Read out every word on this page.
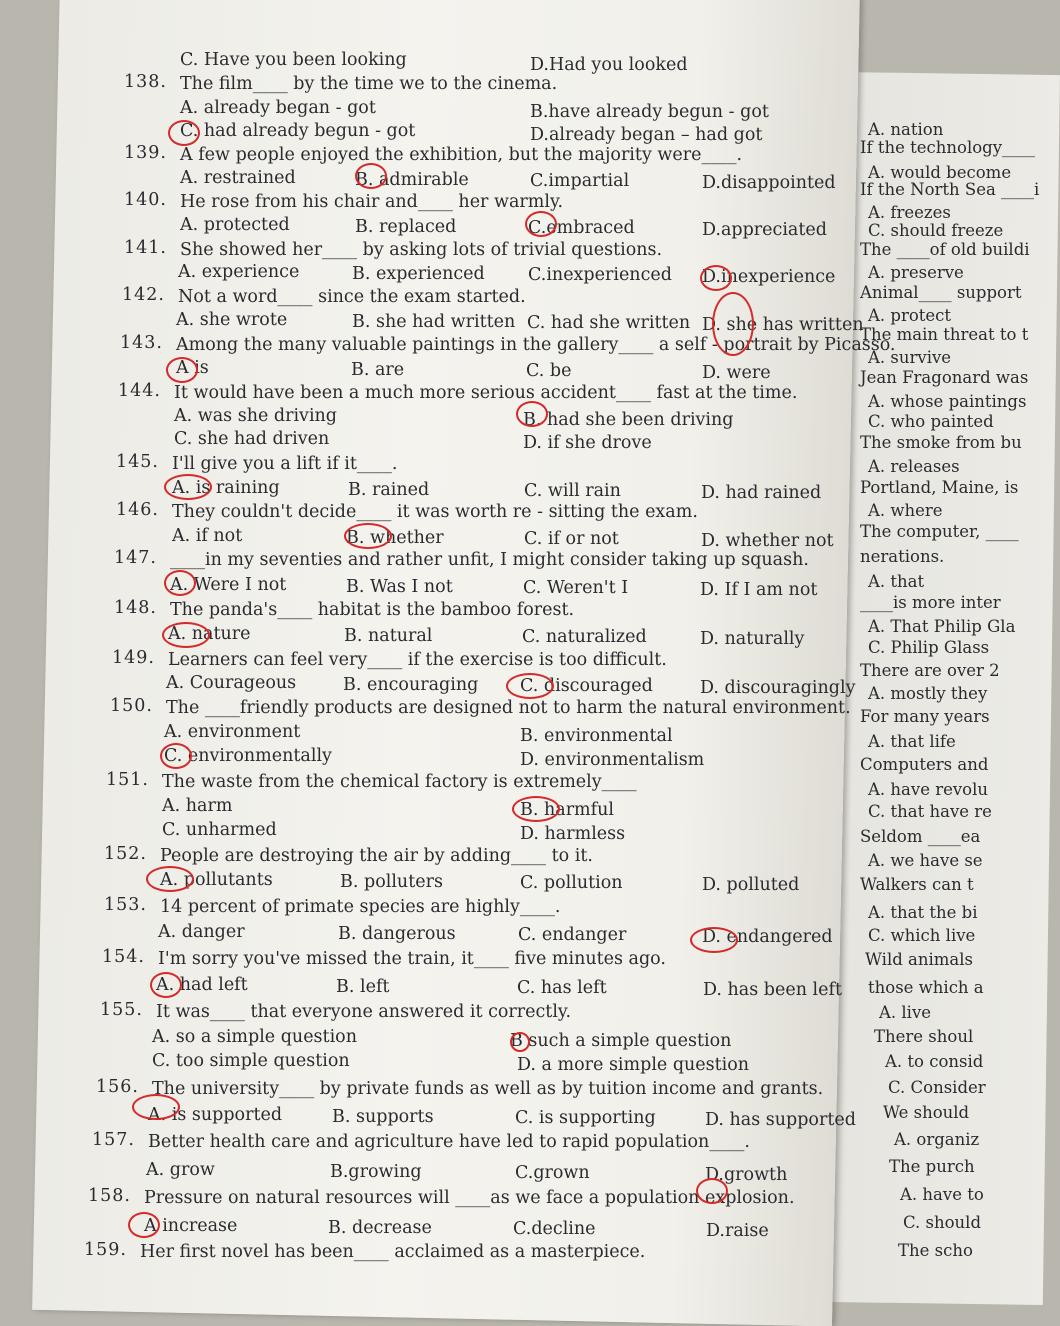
C. Have you been looking	D.Had you looked
138. The film____ by the time we to the cinema.
A. already began - got	B.have already begun - got
C. had already begun - got	D.already began – had got
139. A few people enjoyed the exhibition, but the majority were____.
A. restrained	B. admirable	C.impartial	D.disappointed
140. He rose from his chair and____ her warmly.
A. protected	B. replaced	C.embraced	D.appreciated
141. She showed her____ by asking lots of trivial questions.
A. experience	B. experienced C.inexperienced D.inexperience
142. Not a word____ since the exam started.
A. she wrote	B. she had written C. had she written D. she has written
143. Among the many valuable paintings in the gallery____ a self - portrait by Picasso.
A is	B. are	C. be	D. were
144. It would have been a much more serious accident____ fast at the time.
A. was she driving	B. had she been driving
C. she had driven	D. if she drove
145. I'll give you a lift if it____.
A. is raining	B. rained	C. will rain	D. had rained
146. They couldn't decide____ it was worth re - sitting the exam.
A. if not	B. whether	C. if or not	D. whether not
147. ____in my seventies and rather unfit, I might consider taking up squash.
A. Were I not	B. Was I not	C. Weren't I	D. If I am not
148. The panda's____ habitat is the bamboo forest.
A. nature	B. natural	C. naturalized	D. naturally
149. Learners can feel very____ if the exercise is too difficult.
A. Courageous	B. encouraging C. discouraged	D. discouragingly
150. The ____friendly products are designed not to harm the natural environment.
A. environment	B. environmental
C. environmentally	D. environmentalism
151. The waste from the chemical factory is extremely____
A. harm	B. harmful
C. unharmed	D. harmless
152. People are destroying the air by adding____ to it.
A. pollutants	B. polluters	C. pollution	D. polluted
153. 14 percent of primate species are highly____.
A. danger	B. dangerous	C. endanger	D. endangered
154. I'm sorry you've missed the train, it____ five minutes ago.
A. had left	B. left	C. has left	D. has been left
155. It was____ that everyone answered it correctly.
A. so a simple question	B such a simple question
C. too simple question	D. a more simple question
156. The university____ by private funds as well as by tuition income and grants.
A. is supported	B. supports	C. is supporting	D. has supported
157. Better health care and agriculture have led to rapid population____.
A. grow	B.growing	C.grown	D.growth
158. Pressure on natural resources will ____as we face a population explosion.
A increase	B. decrease	C.decline	D.raise
159. Her first novel has been____ acclaimed as a masterpiece.
A. nation
If the technology____
A. would become
If the North Sea ____i
A. freezes
C. should freeze
The ____of old buildi
A. preserve
Animal____ support
A. protect
The main threat to t
A. survive
Jean Fragonard was
A. whose paintings
C. who painted
The smoke from bu
A. releases
Portland, Maine, is
A. where
The computer, ____
nerations.
A. that
____is more inter
A. That Philip Gla
C. Philip Glass
There are over 2
A. mostly they
For many years
A. that life
Computers and
A. have revolu
C. that have re
Seldom ____ea
A. we have se
Walkers can t
A. that the bi
C. which live
Wild animals
those which a
A. live
There shoul
A. to consid
C. Consider
We should
A. organiz
The purch
A. have to
C. should
The scho
